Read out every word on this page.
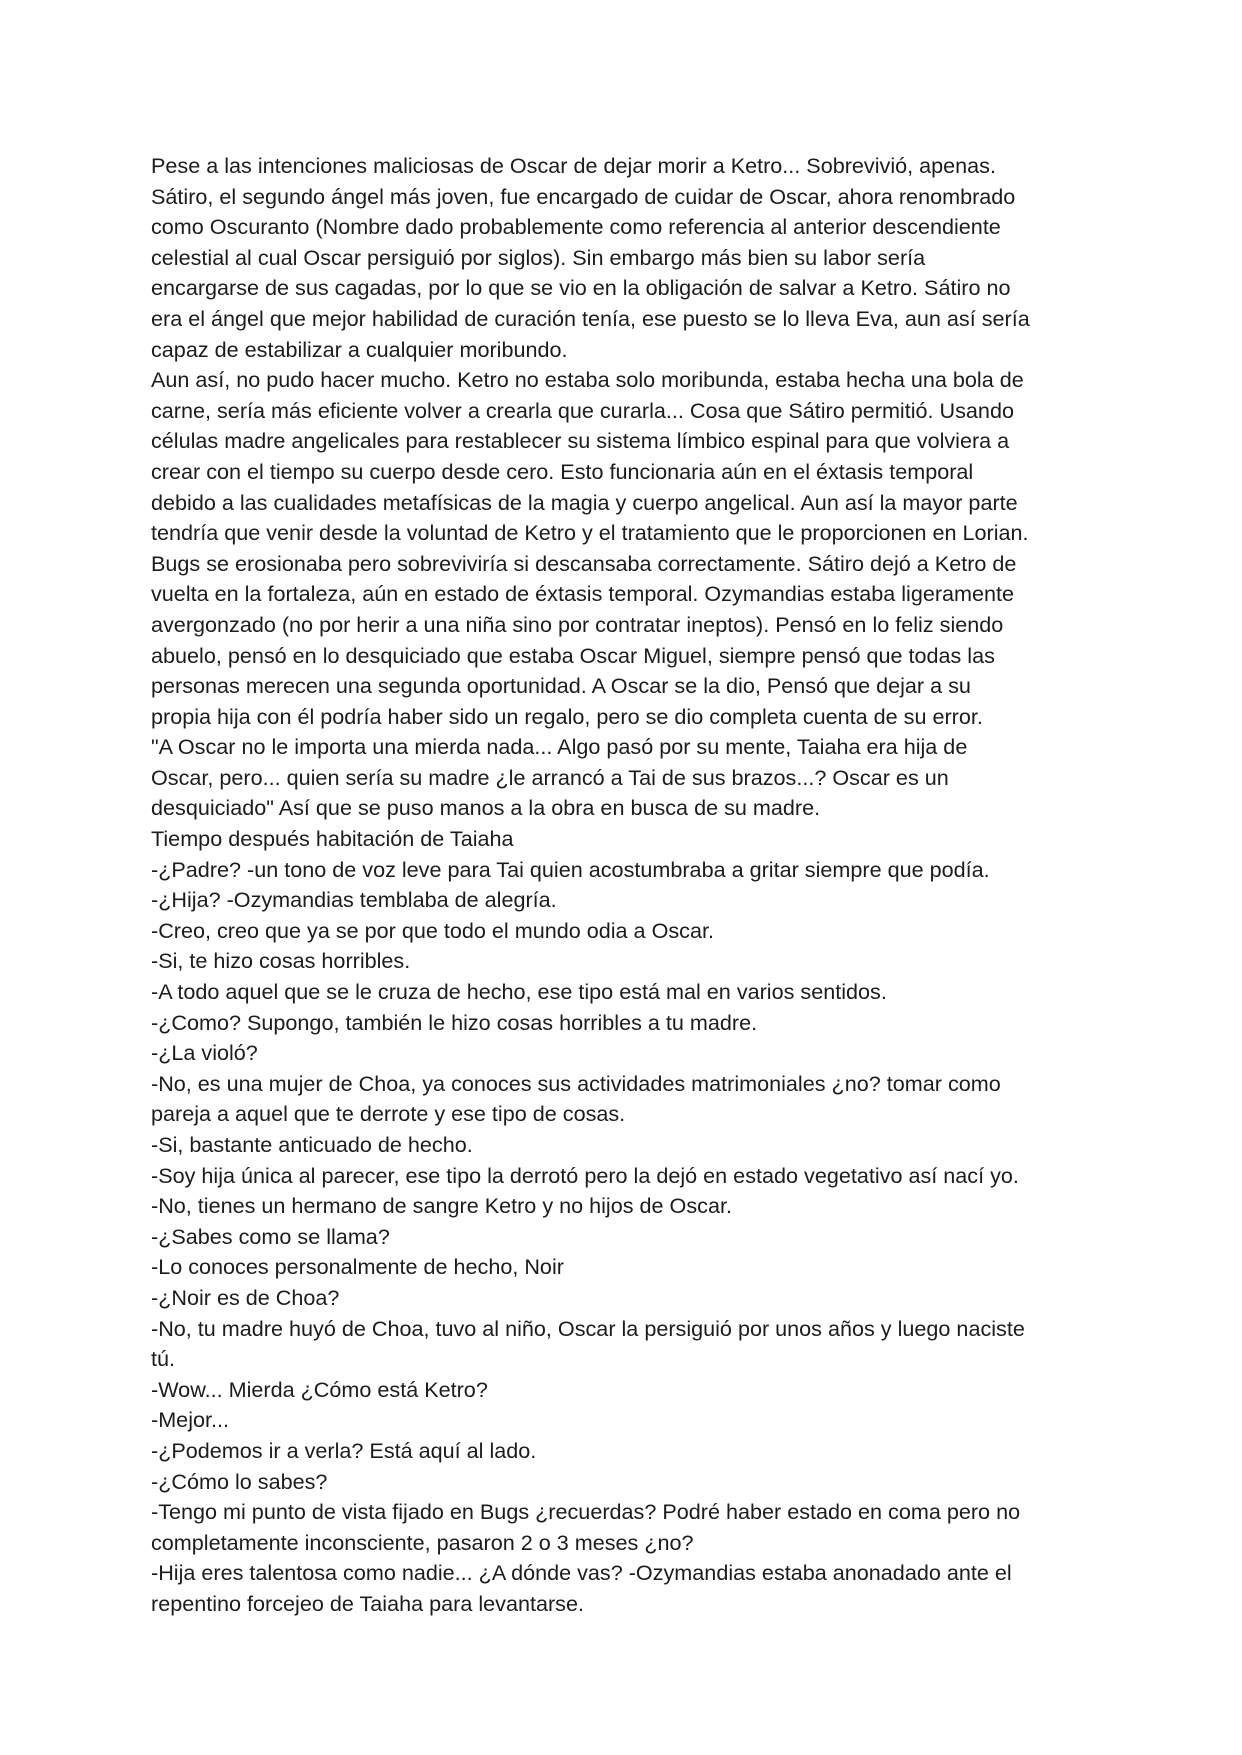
Pese a las intenciones maliciosas de Oscar de dejar morir a Ketro... Sobrevivió, apenas.
Sátiro, el segundo ángel más joven, fue encargado de cuidar de Oscar, ahora renombrado
como Oscuranto (Nombre dado probablemente como referencia al anterior descendiente
celestial al cual Oscar persiguió por siglos). Sin embargo más bien su labor sería
encargarse de sus cagadas, por lo que se vio en la obligación de salvar a Ketro. Sátiro no
era el ángel que mejor habilidad de curación tenía, ese puesto se lo lleva Eva, aun así sería
capaz de estabilizar a cualquier moribundo.
Aun así, no pudo hacer mucho. Ketro no estaba solo moribunda, estaba hecha una bola de
carne, sería más eficiente volver a crearla que curarla... Cosa que Sátiro permitió. Usando
células madre angelicales para restablecer su sistema límbico espinal para que volviera a
crear con el tiempo su cuerpo desde cero. Esto funcionaria aún en el éxtasis temporal
debido a las cualidades metafísicas de la magia y cuerpo angelical. Aun así la mayor parte
tendría que venir desde la voluntad de Ketro y el tratamiento que le proporcionen en Lorian.
Bugs se erosionaba pero sobreviviría si descansaba correctamente. Sátiro dejó a Ketro de
vuelta en la fortaleza, aún en estado de éxtasis temporal. Ozymandias estaba ligeramente
avergonzado (no por herir a una niña sino por contratar ineptos). Pensó en lo feliz siendo
abuelo, pensó en lo desquiciado que estaba Oscar Miguel, siempre pensó que todas las
personas merecen una segunda oportunidad. A Oscar se la dio, Pensó que dejar a su
propia hija con él podría haber sido un regalo, pero se dio completa cuenta de su error.
"A Oscar no le importa una mierda nada... Algo pasó por su mente, Taiaha era hija de
Oscar, pero... quien sería su madre ¿le arrancó a Tai de sus brazos...? Oscar es un
desquiciado" Así que se puso manos a la obra en busca de su madre.
Tiempo después habitación de Taiaha
-¿Padre? -un tono de voz leve para Tai quien acostumbraba a gritar siempre que podía.
-¿Hija? -Ozymandias temblaba de alegría.
-Creo, creo que ya se por que todo el mundo odia a Oscar.
-Si, te hizo cosas horribles.
-A todo aquel que se le cruza de hecho, ese tipo está mal en varios sentidos.
-¿Como? Supongo, también le hizo cosas horribles a tu madre.
-¿La violó?
-No, es una mujer de Choa, ya conoces sus actividades matrimoniales ¿no? tomar como
pareja a aquel que te derrote y ese tipo de cosas.
-Si, bastante anticuado de hecho.
-Soy hija única al parecer, ese tipo la derrotó pero la dejó en estado vegetativo así nací yo.
-No, tienes un hermano de sangre Ketro y no hijos de Oscar.
-¿Sabes como se llama?
-Lo conoces personalmente de hecho, Noir
-¿Noir es de Choa?
-No, tu madre huyó de Choa, tuvo al niño, Oscar la persiguió por unos años y luego naciste
tú.
-Wow... Mierda ¿Cómo está Ketro?
-Mejor...
-¿Podemos ir a verla? Está aquí al lado.
-¿Cómo lo sabes?
-Tengo mi punto de vista fijado en Bugs ¿recuerdas? Podré haber estado en coma pero no
completamente inconsciente, pasaron 2 o 3 meses ¿no?
-Hija eres talentosa como nadie... ¿A dónde vas? -Ozymandias estaba anonadado ante el
repentino forcejeo de Taiaha para levantarse.
